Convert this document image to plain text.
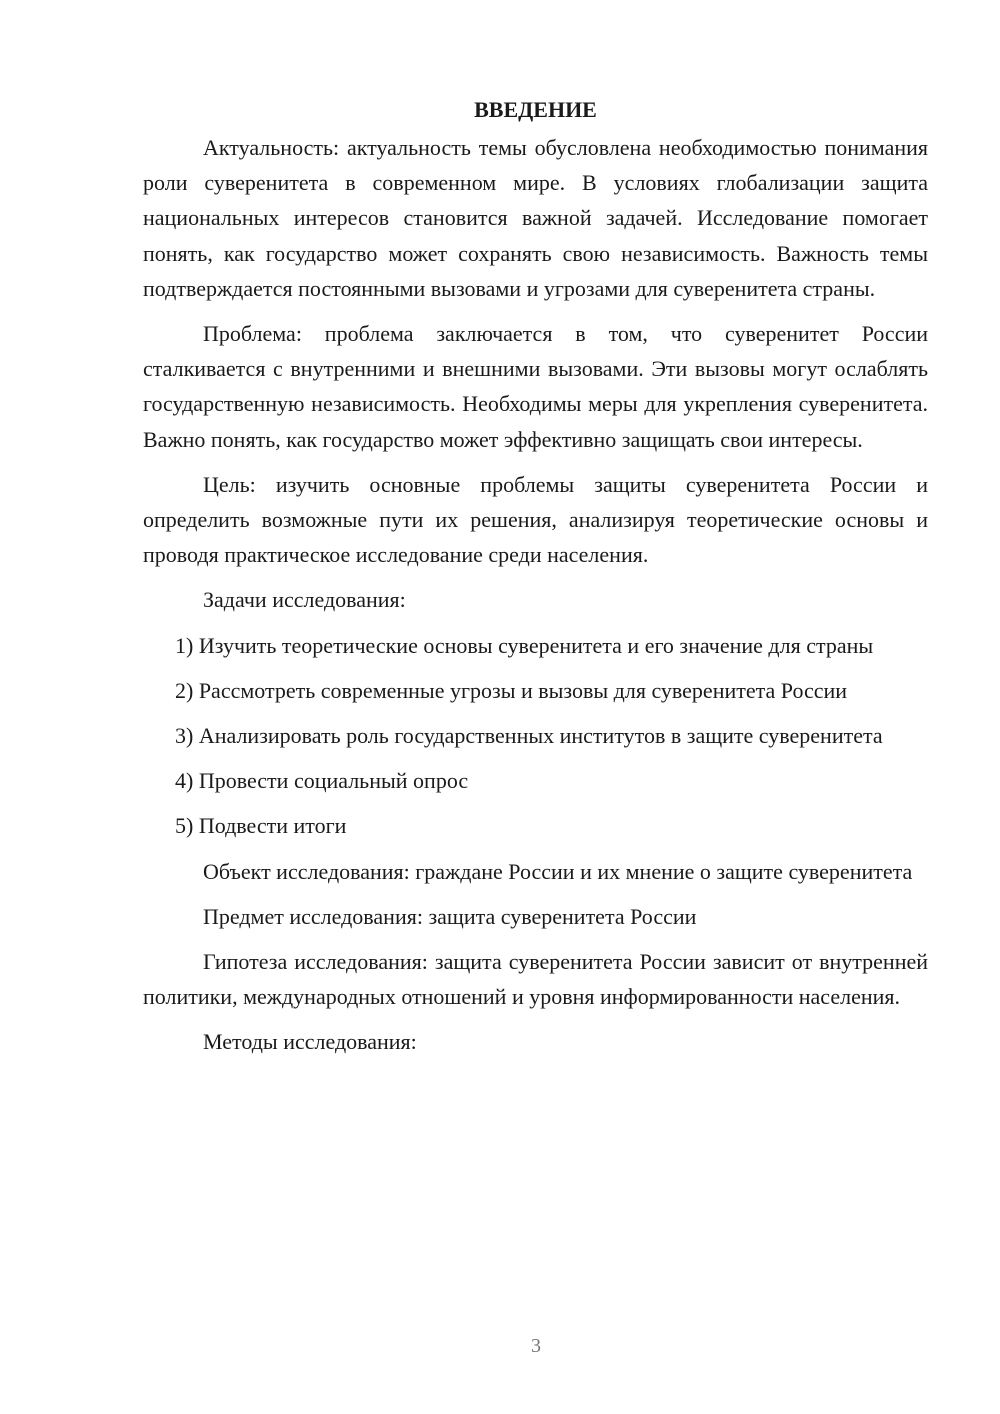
ВВЕДЕНИЕ

Актуальность: актуальность темы обусловлена необходимостью понимания роли суверенитета в современном мире. В условиях глобализации защита национальных интересов становится важной задачей. Исследование помогает понять, как государство может сохранять свою независимость. Важность темы подтверждается постоянными вызовами и угрозами для суверенитета страны.

Проблема: проблема заключается в том, что суверенитет России сталкивается с внутренними и внешними вызовами. Эти вызовы могут ослаблять государственную независимость. Необходимы меры для укрепления суверенитета. Важно понять, как государство может эффективно защищать свои интересы.

Цель: изучить основные проблемы защиты суверенитета России и определить возможные пути их решения, анализируя теоретические основы и проводя практическое исследование среди населения.

Задачи исследования:

1) Изучить теоретические основы суверенитета и его значение для страны

2) Рассмотреть современные угрозы и вызовы для суверенитета России

3) Анализировать роль государственных институтов в защите суверенитета

4) Провести социальный опрос

5) Подвести итоги

Объект исследования: граждане России и их мнение о защите суверенитета

Предмет исследования: защита суверенитета России

Гипотеза исследования: защита суверенитета России зависит от внутренней политики, международных отношений и уровня информированности населения.

Методы исследования:

3
